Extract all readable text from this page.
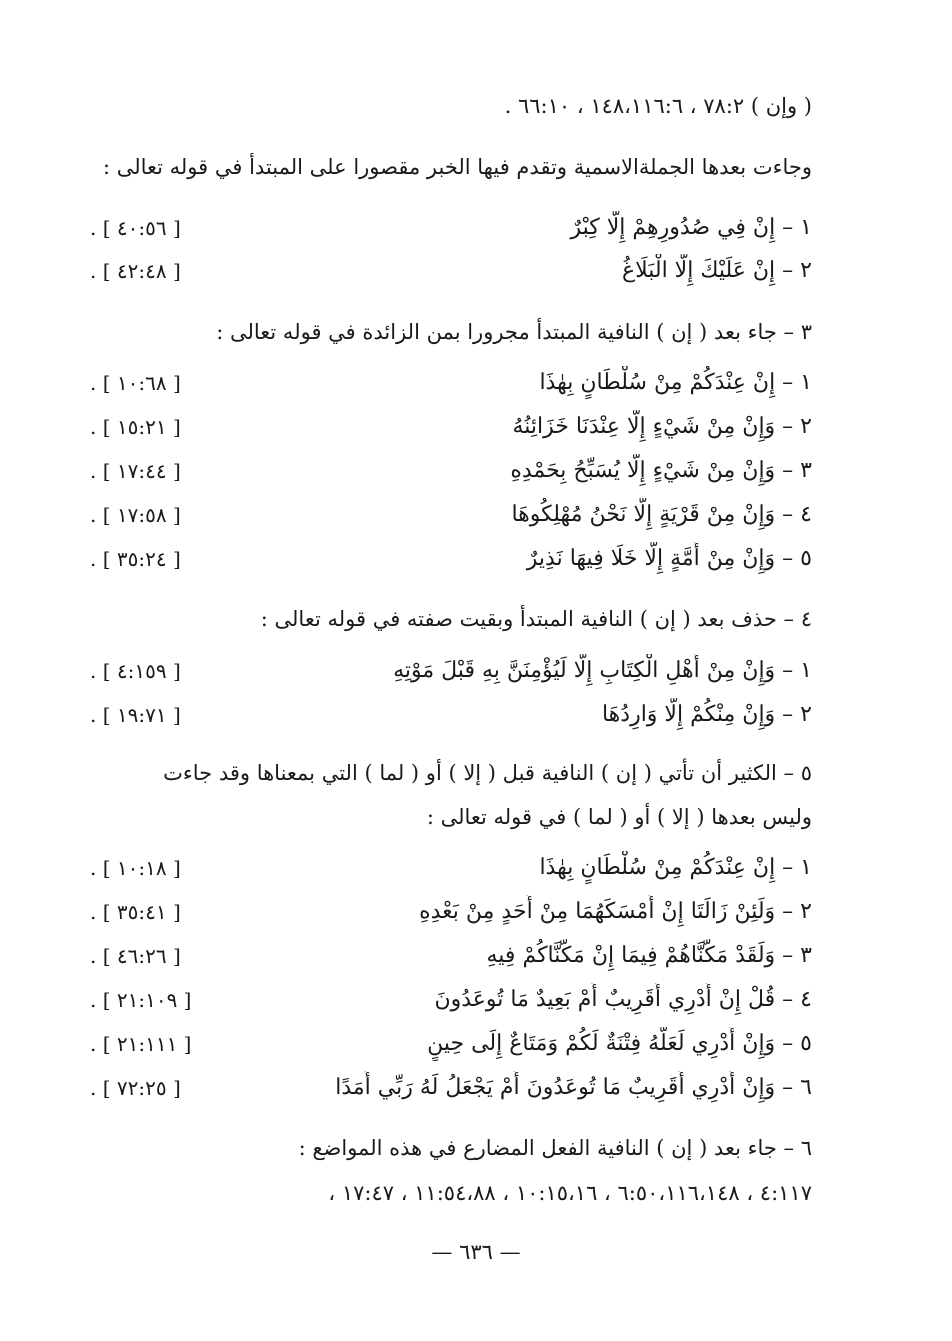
( وإن ) ٧٨:٢ ، ١٤٨،١١٦:٦ ، ٦٦:١٠ .
وجاءت بعدها الجملةالاسمية وتقدم فيها الخبر مقصورا على المبتدأ في قوله تعالى :
١ – إِنْ فِي صُدُورِهِمْ إِلَّا كِبْرٌ
[ ٤٠:٥٦ ] .
٢ – إِنْ عَلَيْكَ إِلَّا الْبَلَاغُ
[ ٤٢:٤٨ ] .
٣ – جاء بعد ( إن ) النافية المبتدأ مجرورا بمن الزائدة في قوله تعالى :
١ – إِنْ عِنْدَكُمْ مِنْ سُلْطَانٍ بِهٰذَا
[ ١٠:٦٨ ] .
٢ – وَإِنْ مِنْ شَيْءٍ إِلَّا عِنْدَنَا خَزَائِنُهُ
[ ١٥:٢١ ] .
٣ – وَإِنْ مِنْ شَيْءٍ إِلَّا يُسَبِّحُ بِحَمْدِهِ
[ ١٧:٤٤ ] .
٤ – وَإِنْ مِنْ قَرْيَةٍ إِلَّا نَحْنُ مُهْلِكُوهَا
[ ١٧:٥٨ ] .
٥ – وَإِنْ مِنْ أُمَّةٍ إِلَّا خَلَا فِيهَا نَذِيرٌ
[ ٣٥:٢٤ ] .
٤ – حذف بعد ( إن ) النافية المبتدأ وبقيت صفته في قوله تعالى :
١ – وَإِنْ مِنْ أَهْلِ الْكِتَابِ إِلَّا لَيُؤْمِنَنَّ بِهِ قَبْلَ مَوْتِهِ
[ ٤:١٥٩ ] .
٢ – وَإِنْ مِنْكُمْ إِلَّا وَارِدُهَا
[ ١٩:٧١ ] .
٥ – الكثير أن تأتي ( إن ) النافية قبل ( إلا ) أو ( لما ) التي بمعناها وقد جاءت
وليس بعدها ( إلا ) أو ( لما ) في قوله تعالى :
١ – إِنْ عِنْدَكُمْ مِنْ سُلْطَانٍ بِهٰذَا
[ ١٠:١٨ ] .
٢ – وَلَئِنْ زَالَتَا إِنْ أَمْسَكَهُمَا مِنْ أَحَدٍ مِنْ بَعْدِهِ
[ ٣٥:٤١ ] .
٣ – وَلَقَدْ مَكَّنَّاهُمْ فِيمَا إِنْ مَكَّنَّاكُمْ فِيهِ
[ ٤٦:٢٦ ] .
٤ – قُلْ إِنْ أَدْرِي أَقَرِيبٌ أَمْ بَعِيدٌ مَا تُوعَدُونَ
[ ٢١:١٠٩ ] .
٥ – وَإِنْ أَدْرِي لَعَلَّهُ فِتْنَةٌ لَكُمْ وَمَتَاعٌ إِلَى حِينٍ
[ ٢١:١١١ ] .
٦ – وَإِنْ أَدْرِي أَقَرِيبٌ مَا تُوعَدُونَ أَمْ يَجْعَلُ لَهُ رَبِّي أَمَدًا
[ ٧٢:٢٥ ] .
٦ – جاء بعد ( إن ) النافية الفعل المضارع في هذه المواضع :
٤:١١٧ ، ٦:٥٠،١١٦،١٤٨ ، ١٠:١٥،١٦ ، ١١:٥٤،٨٨ ، ١٧:٤٧ ،
— ٦٣٦ —
